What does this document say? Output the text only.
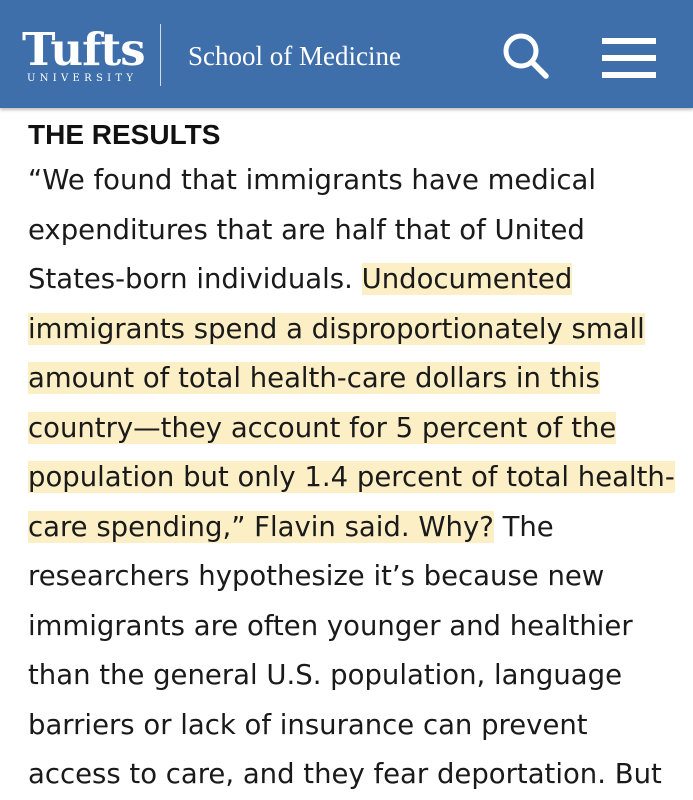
Tufts
UNIVERSITY
School of Medicine
THE RESULTS

“We found that immigrants have medical
expenditures that are half that of United
States-born individuals. Undocumented
immigrants spend a disproportionately small
amount of total health-care dollars in this
country—they account for 5 percent of the
population but only 1.4 percent of total health-
care spending,” Flavin said. Why? The
researchers hypothesize it’s because new
immigrants are often younger and healthier
than the general U.S. population, language
barriers or lack of insurance can prevent
access to care, and they fear deportation. But
